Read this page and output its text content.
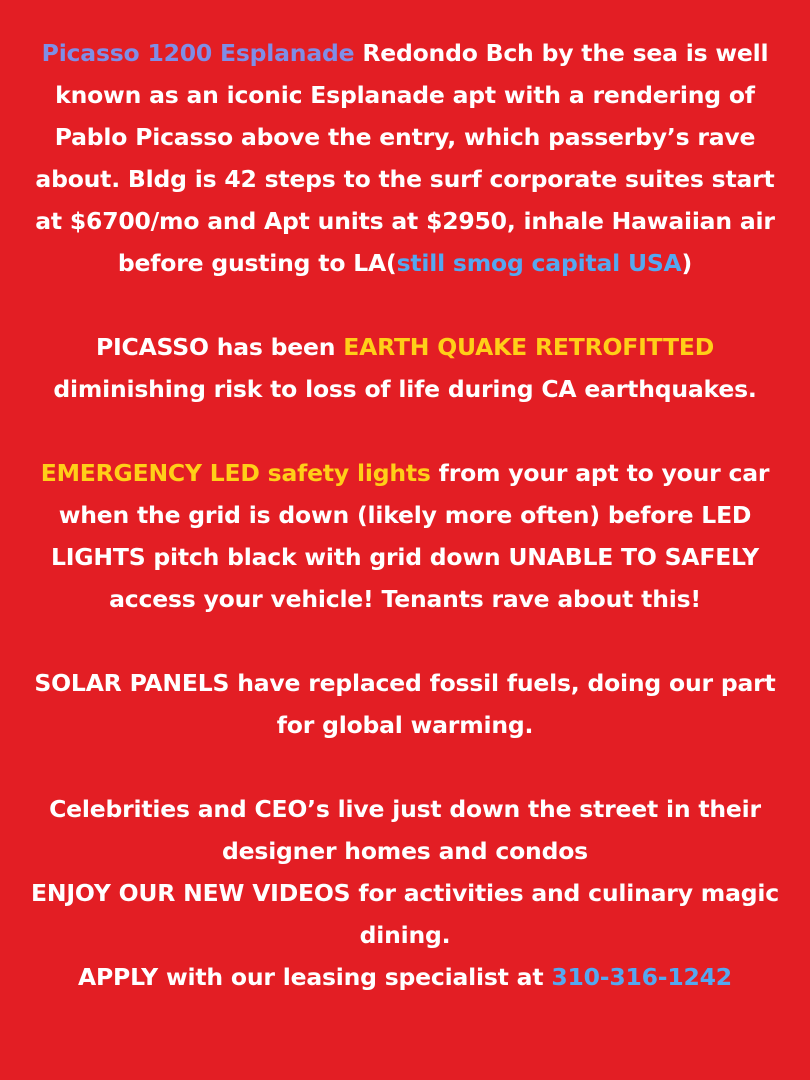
Picasso 1200 Esplanade Redondo Bch by the sea is well known as an iconic Esplanade apt with a rendering of Pablo Picasso above the entry, which passerby’s rave about. Bldg is 42 steps to the surf corporate suites start at $6700/mo and Apt units at $2950, inhale Hawaiian air before gusting to LA(still smog capital USA)

PICASSO has been EARTH QUAKE RETROFITTED diminishing risk to loss of life during CA earthquakes.

EMERGENCY LED safety lights from your apt to your car when the grid is down (likely more often) before LED LIGHTS pitch black with grid down UNABLE TO SAFELY access your vehicle! Tenants rave about this!

SOLAR PANELS have replaced fossil fuels, doing our part for global warming.

Celebrities and CEO’s live just down the street in their designer homes and condos

ENJOY OUR NEW VIDEOS for activities and culinary magic dining.

APPLY with our leasing specialist at 310-316-1242
